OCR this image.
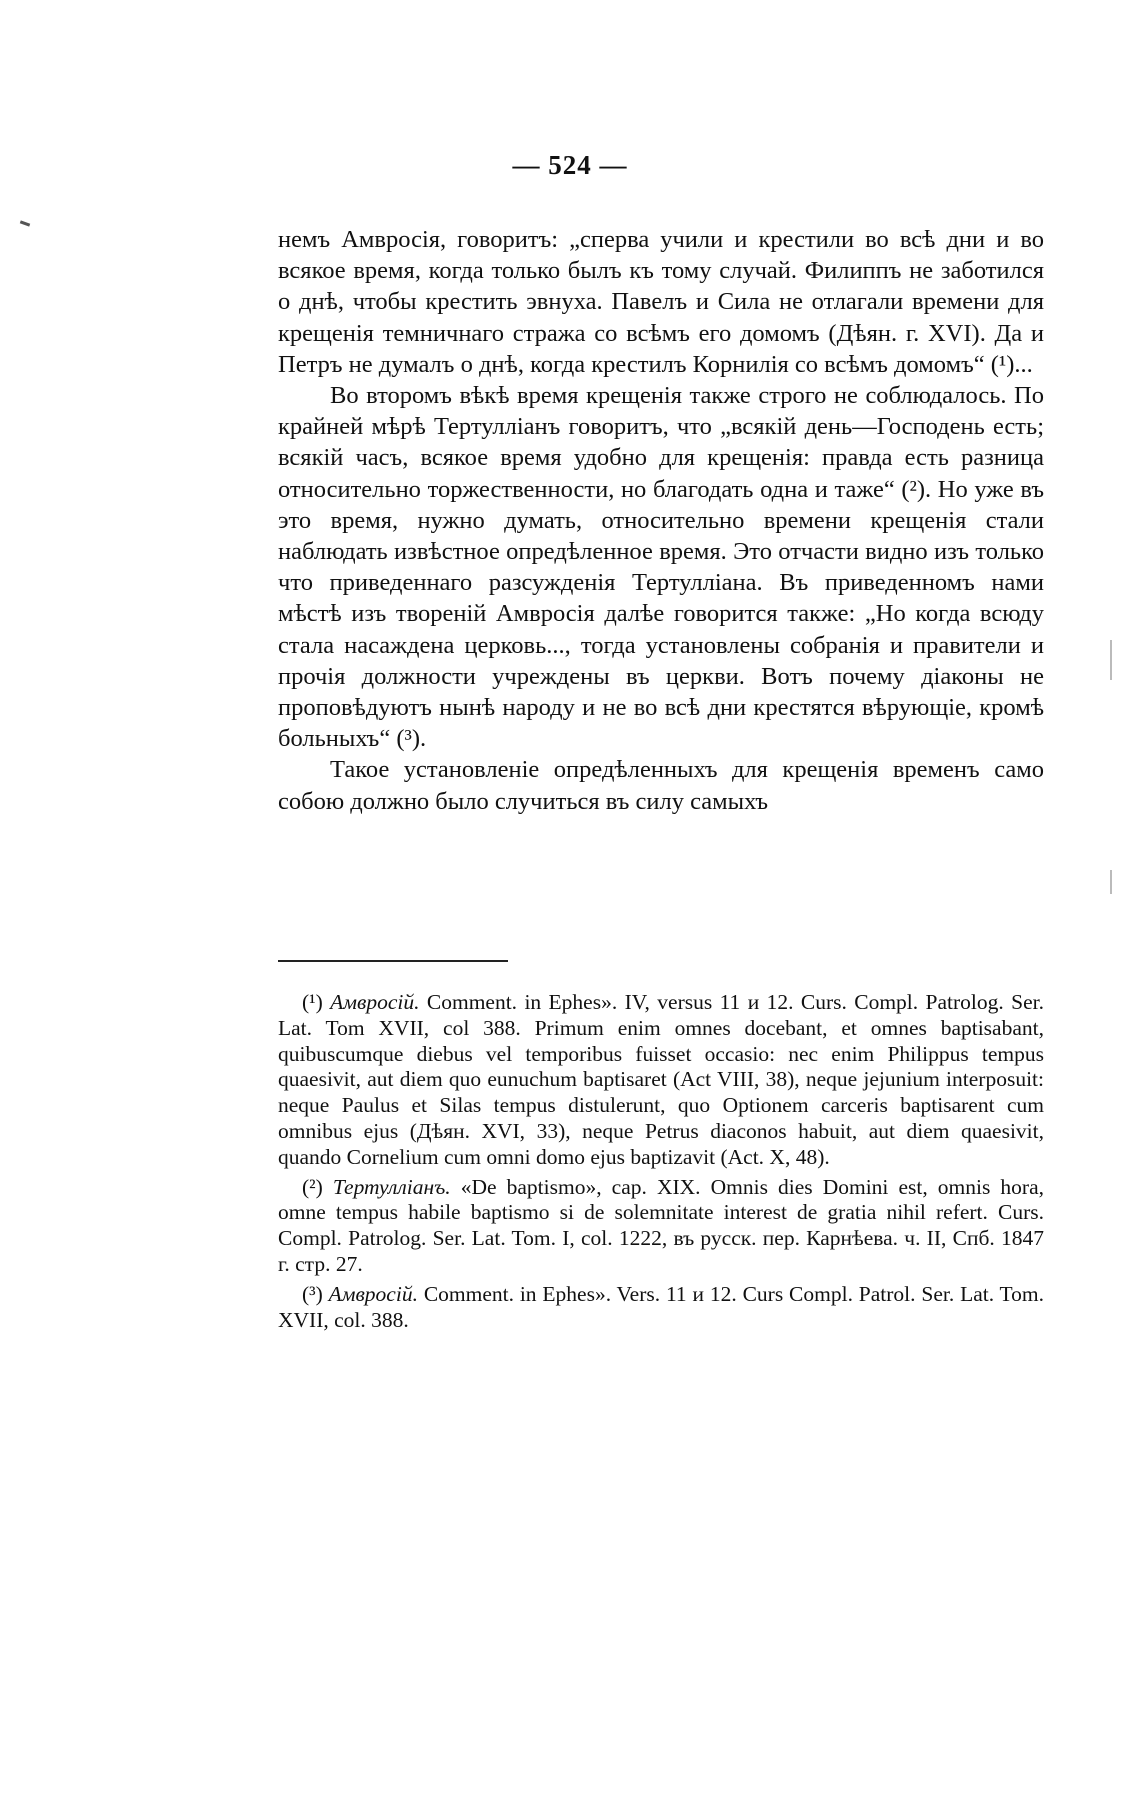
— 524 —

немъ Амвросія, говоритъ: „сперва учили и крестили во всѣ дни и во всякое время, когда только былъ къ тому случай. Филиппъ не заботился о днѣ, чтобы крестить эвнуха. Павелъ и Сила не отлагали времени для крещенія темничнаго стража со всѣмъ его домомъ (Дѣян. г. XVI). Да и Петръ не думалъ о днѣ, когда крестилъ Корнилія со всѣмъ домомъ“ (¹)...

Во второмъ вѣкѣ время крещенія также строго не соблюдалось. По крайней мѣрѣ Тертулліанъ говоритъ, что „всякій день—Господень есть; всякій часъ, всякое время удобно для крещенія: правда есть разница относительно торжественности, но благодать одна и таже“ (²). Но уже въ это время, нужно думать, относительно времени крещенія стали наблюдать извѣстное опредѣленное время. Это отчасти видно изъ только что приведеннаго разсужденія Тертулліана. Въ приведенномъ нами мѣстѣ изъ твореній Амвросія далѣе говорится также: „Но когда всюду стала насаждена церковь..., тогда установлены собранія и правители и прочія должности учреждены въ церкви. Вотъ почему діаконы не проповѣдуютъ нынѣ народу и не во всѣ дни крестятся вѣрующіе, кромѣ больныхъ“ (³).

Такое установленіе опредѣленныхъ для крещенія временъ само собою должно было случиться въ силу самыхъ

(¹) Амвросій. Comment. in Ephes». IV, versus 11 и 12. Curs. Compl. Patrolog. Ser. Lat. Tom XVII, col 388. Primum enim omnes docebant, et omnes baptisabant, quibuscumque diebus vel temporibus fuisset occasio: nec enim Philippus tempus quaesivit, aut diem quo eunuchum baptisaret (Act VIII, 38), neque jejunium interposuit: neque Paulus et Silas tempus distulerunt, quo Optionem carceris baptisarent cum omnibus ejus (Дѣян. XVI, 33), neque Petrus diaconos habuit, aut diem quaesivit, quando Cornelium cum omni domo ejus baptizavit (Act. X, 48).

(²) Тертулліанъ. «De baptismo», cap. XIX. Omnis dies Domini est, omnis hora, omne tempus habile baptismo si de solemnitate interest de gratia nihil refert. Curs. Compl. Patrolog. Ser. Lat. Tom. I, col. 1222, въ русск. пер. Карнѣева. ч. II, Спб. 1847 г. стр. 27.

(³) Амвросій. Comment. in Ephes». Vers. 11 и 12. Curs Compl. Patrol. Ser. Lat. Tom. XVII, col. 388.
